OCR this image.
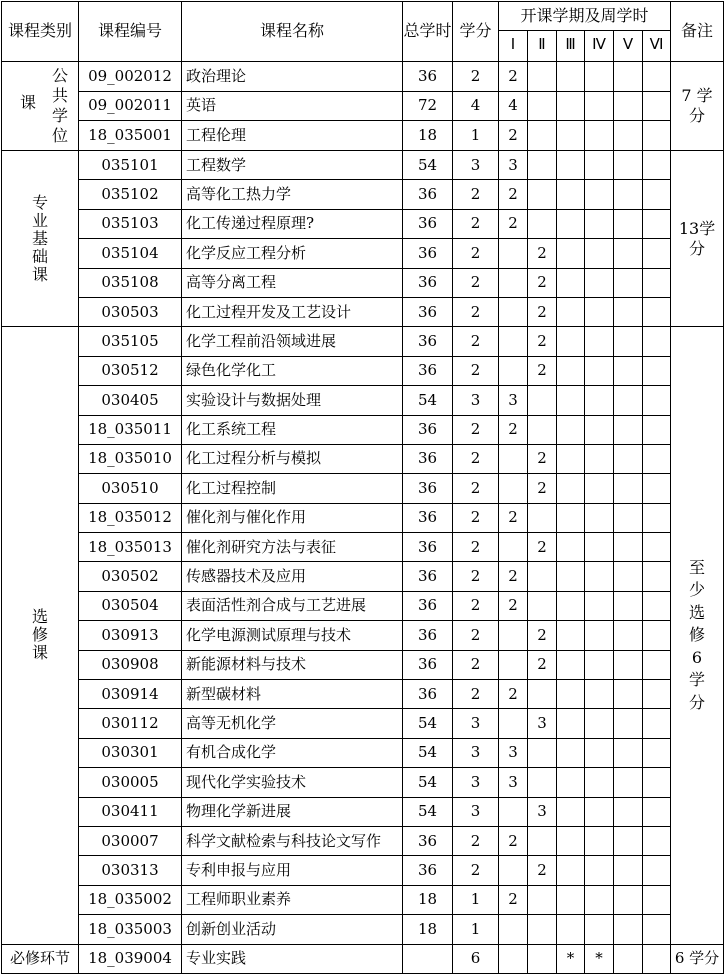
课程类别	课程编号	课程名称	总学时	学分	开课学期及周学时						备注
					Ⅰ	Ⅱ	Ⅲ	Ⅳ	Ⅴ	Ⅵ	

课
公共学位	09_002012	政治理论	36	2	2						7 学分
	09_002011	英语	72	4	4						
	18_035001	工程伦理	18	1	2						
专业基础课	035101	工程数学	54	3	3						13学分
	035102	高等化工热力学	36	2	2						
	035103	化工传递过程原理?	36	2	2						
	035104	化学反应工程分析	36	2		2					
	035108	高等分离工程	36	2		2					
	030503	化工过程开发及工艺设计	36	2		2					
选修课	035105	化学工程前沿领域进展	36	2		2					至少选修6学分
	030512	绿色化学化工	36	2		2					
	030405	实验设计与数据处理	54	3	3						
	18_035011	化工系统工程	36	2	2						
	18_035010	化工过程分析与模拟	36	2		2					
	030510	化工过程控制	36	2		2					
	18_035012	催化剂与催化作用	36	2	2						
	18_035013	催化剂研究方法与表征	36	2		2					
	030502	传感器技术及应用	36	2	2						
	030504	表面活性剂合成与工艺进展	36	2	2						
	030913	化学电源测试原理与技术	36	2		2					
	030908	新能源材料与技术	36	2		2					
	030914	新型碳材料	36	2	2						
	030112	高等无机化学	54	3		3					
	030301	有机合成化学	54	3	3						
	030005	现代化学实验技术	54	3	3						
	030411	物理化学新进展	54	3		3					
	030007	科学文献检索与科技论文写作	36	2	2						
	030313	专利申报与应用	36	2		2					
	18_035002	工程师职业素养	18	1	2						
	18_035003	创新创业活动	18	1							
必修环节	18_039004	专业实践		6			*	*			6 学分
